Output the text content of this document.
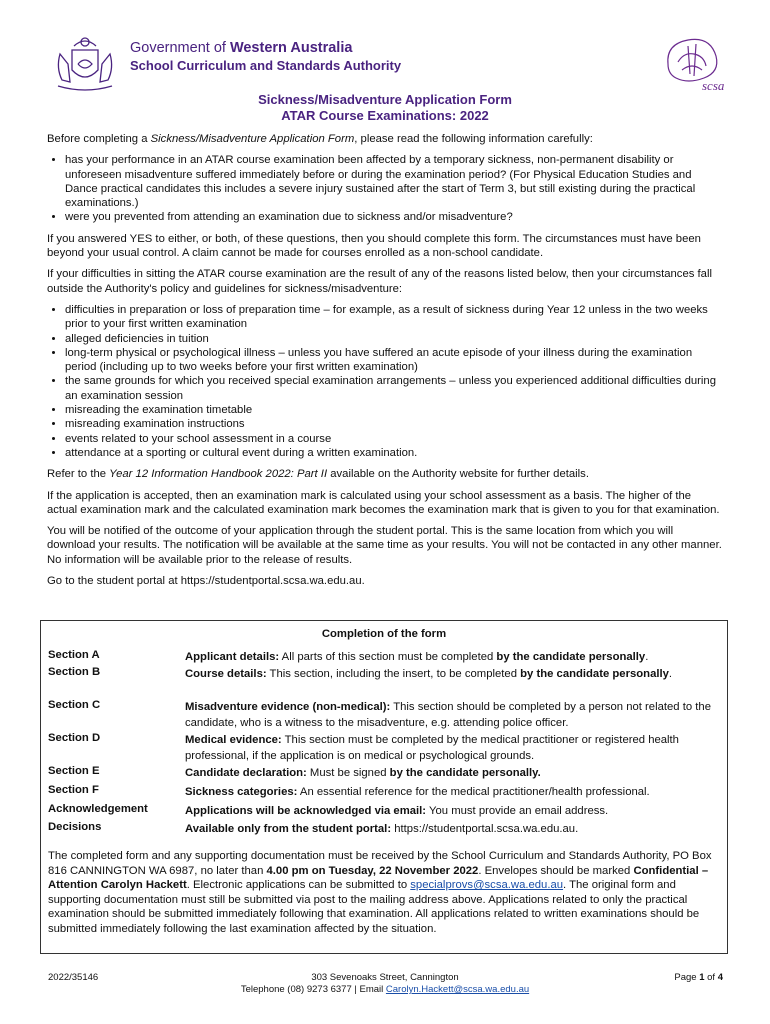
Government of Western Australia
School Curriculum and Standards Authority
scsa
Sickness/Misadventure Application Form
ATAR Course Examinations: 2022

Before completing a Sickness/Misadventure Application Form, please read the following information carefully:

• has your performance in an ATAR course examination been affected by a temporary sickness, non-permanent disability or unforeseen misadventure suffered immediately before or during the examination period? (For Physical Education Studies and Dance practical candidates this includes a severe injury sustained after the start of Term 3, but still existing during the practical examinations.)
• were you prevented from attending an examination due to sickness and/or misadventure?

If you answered YES to either, or both, of these questions, then you should complete this form. The circumstances must have been beyond your usual control. A claim cannot be made for courses enrolled as a non-school candidate.

If your difficulties in sitting the ATAR course examination are the result of any of the reasons listed below, then your circumstances fall outside the Authority's policy and guidelines for sickness/misadventure:

• difficulties in preparation or loss of preparation time – for example, as a result of sickness during Year 12 unless in the two weeks prior to your first written examination
• alleged deficiencies in tuition
• long-term physical or psychological illness – unless you have suffered an acute episode of your illness during the examination period (including up to two weeks before your first written examination)
• the same grounds for which you received special examination arrangements – unless you experienced additional difficulties during an examination session
• misreading the examination timetable
• misreading examination instructions
• events related to your school assessment in a course
• attendance at a sporting or cultural event during a written examination.

Refer to the Year 12 Information Handbook 2022: Part II available on the Authority website for further details.

If the application is accepted, then an examination mark is calculated using your school assessment as a basis. The higher of the actual examination mark and the calculated examination mark becomes the examination mark that is given to you for that examination.

You will be notified of the outcome of your application through the student portal. This is the same location from which you will download your results. The notification will be available at the same time as your results. You will not be contacted in any other manner. No information will be available prior to the release of results.

Go to the student portal at https://studentportal.scsa.wa.edu.au.

Completion of the form
Section A	Applicant details: All parts of this section must be completed by the candidate personally.
Section B	Course details: This section, including the insert, to be completed by the candidate personally.
Section C	Misadventure evidence (non-medical): This section should be completed by a person not related to the candidate, who is a witness to the misadventure, e.g. attending police officer.
Section D	Medical evidence: This section must be completed by the medical practitioner or registered health professional, if the application is on medical or psychological grounds.
Section E	Candidate declaration: Must be signed by the candidate personally.
Section F	Sickness categories: An essential reference for the medical practitioner/health professional.
Acknowledgement	Applications will be acknowledged via email: You must provide an email address.
Decisions	Available only from the student portal: https://studentportal.scsa.wa.edu.au.
The completed form and any supporting documentation must be received by the School Curriculum and Standards Authority, PO Box 816 CANNINGTON WA 6987, no later than 4.00 pm on Tuesday, 22 November 2022. Envelopes should be marked Confidential – Attention Carolyn Hackett. Electronic applications can be submitted to specialprovs@scsa.wa.edu.au. The original form and supporting documentation must still be submitted via post to the mailing address above. Applications related to only the practical examination should be submitted immediately following that examination. All applications related to written examinations should be submitted immediately following the last examination affected by the situation.
2022/35146	303 Sevenoaks Street, Cannington
Telephone (08) 9273 6377 | Email Carolyn.Hackett@scsa.wa.edu.au
Page 1 of 4
